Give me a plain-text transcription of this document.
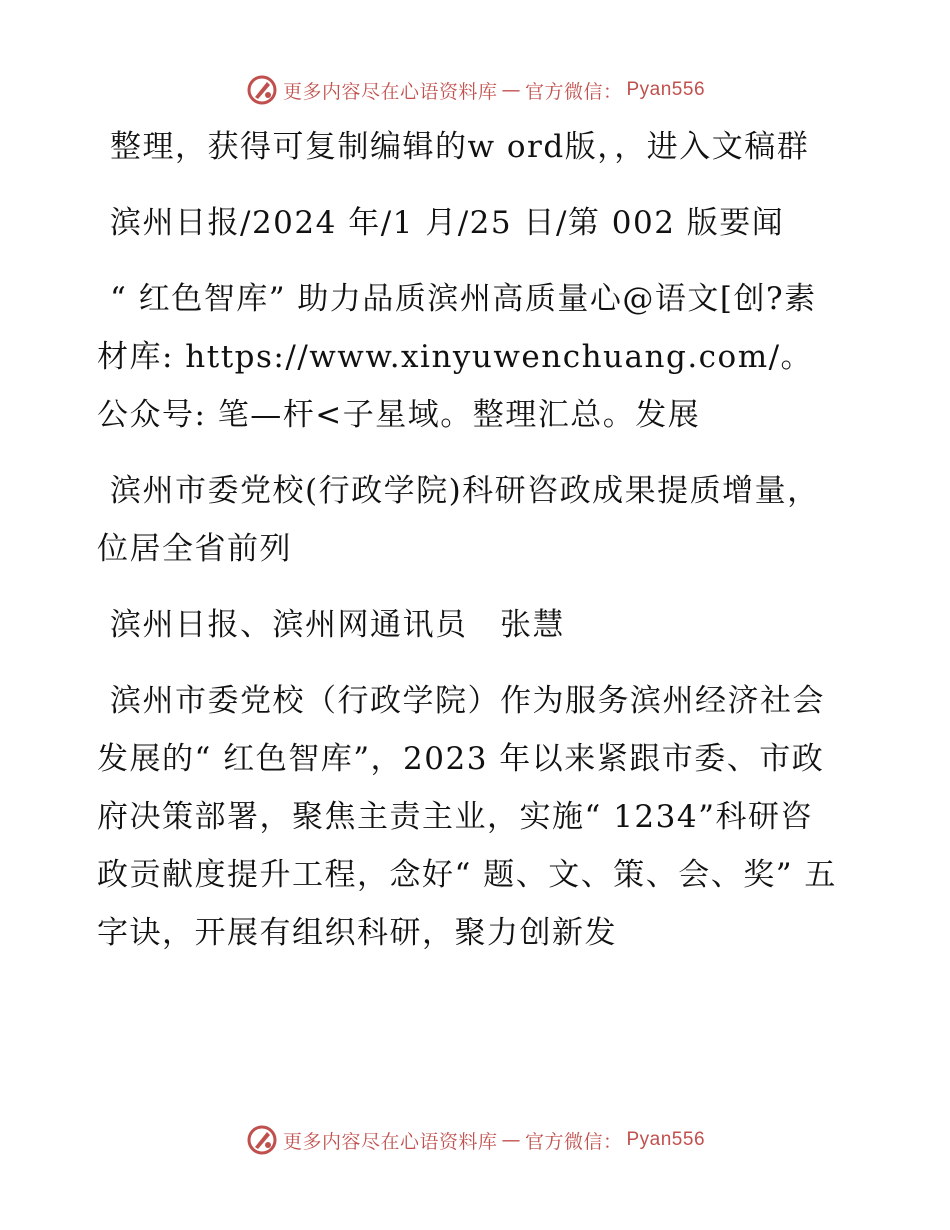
更多内容尽在心语资料库 — 官方微信： Pyan556

整理，获得可复制编辑的w ord版，，进入文稿群

滨州日报/2024 年/1 月/25 日/第 002 版要闻

“ 红色智库” 助力品质滨州高质量心@语文[创?素材库: https://www.xinyuwenchuang.com/。公众号: 笔—杆<子星域。整理汇总。发展

滨州市委党校(行政学院)科研咨政成果提质增量，位居全省前列

滨州日报、滨州网通讯员　张慧

滨州市委党校（行政学院）作为服务滨州经济社会发展的“ 红色智库”，2023 年以来紧跟市委、市政府决策部署，聚焦主责主业，实施“ 1234”科研咨政贡献度提升工程，念好“ 题、文、策、会、奖” 五字诀，开展有组织科研，聚力创新发

更多内容尽在心语资料库 — 官方微信： Pyan556
